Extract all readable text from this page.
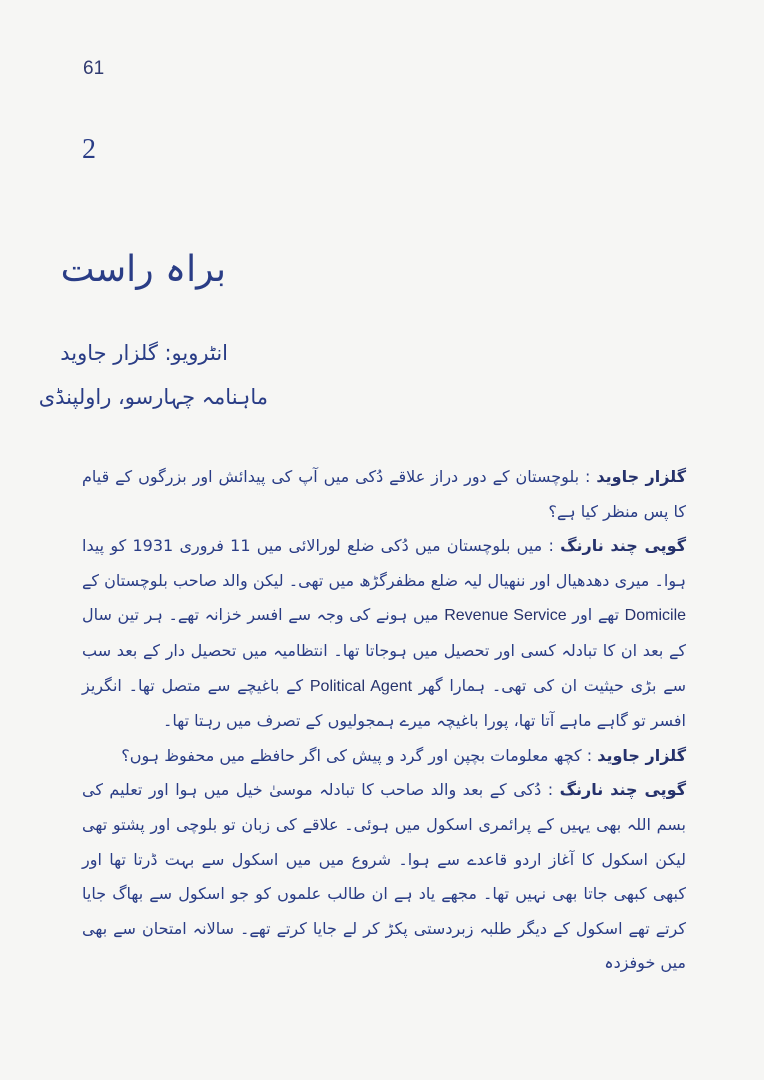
61
2
براہ راست
انٹرویو: گلزار جاوید
ماہنامہ چہارسو، راولپنڈی

گلزار جاوید : بلوچستان کے دور دراز علاقے دُکی میں آپ کی پیدائش اور بزرگوں کے قیام کا پس منظر کیا ہے؟

گوپی چند نارنگ : میں بلوچستان میں دُکی ضلع لورالائی میں 11 فروری 1931 کو پیدا ہوا۔ میری دھدھیال اور ننھیال لیہ ضلع مظفرگڑھ میں تھی۔ لیکن والد صاحب بلوچستان کے Domicile تھے اور Revenue Service میں ہونے کی وجہ سے افسر خزانہ تھے۔ ہر تین سال کے بعد ان کا تبادلہ کسی اور تحصیل میں ہوجاتا تھا۔ انتظامیہ میں تحصیل دار کے بعد سب سے بڑی حیثیت ان کی تھی۔ ہمارا گھر Political Agent کے باغیچے سے متصل تھا۔ انگریز افسر تو گاہے ماہے آتا تھا، پورا باغیچہ میرے ہمجولیوں کے تصرف میں رہتا تھا۔

گلزار جاوید : کچھ معلومات بچپن اور گرد و پیش کی اگر حافظے میں محفوظ ہوں؟

گوپی چند نارنگ : دُکی کے بعد والد صاحب کا تبادلہ موسیٰ خیل میں ہوا اور تعلیم کی بسم اللہ بھی یہیں کے پرائمری اسکول میں ہوئی۔ علاقے کی زبان تو بلوچی اور پشتو تھی لیکن اسکول کا آغاز اردو قاعدے سے ہوا۔ شروع میں میں اسکول سے بہت ڈرتا تھا اور کبھی کبھی جاتا بھی نہیں تھا۔ مجھے یاد ہے ان طالب علموں کو جو اسکول سے بھاگ جایا کرتے تھے اسکول کے دیگر طلبہ زبردستی پکڑ کر لے جایا کرتے تھے۔ سالانہ امتحان سے بھی میں خوفزدہ
